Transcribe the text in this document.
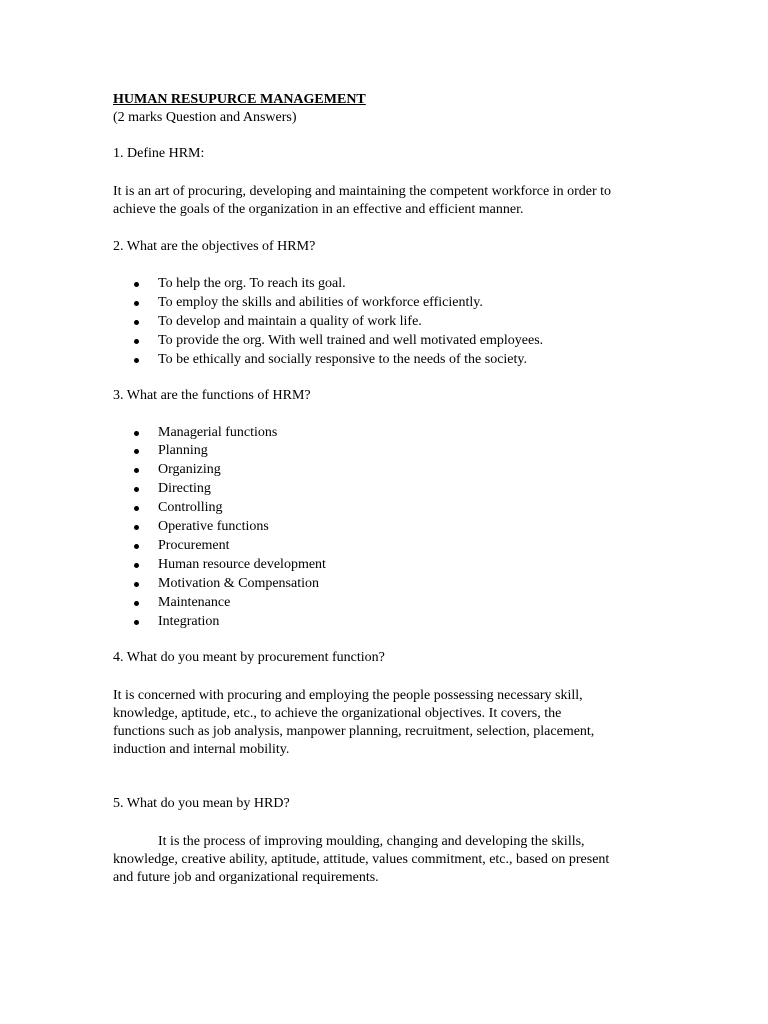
HUMAN RESUPURCE MANAGEMENT

(2 marks Question and Answers)

1. Define HRM:

It is an art of procuring, developing and maintaining the competent workforce in order to

achieve the goals of the organization in an effective and efficient manner.

2. What are the objectives of HRM?

To help the org. To reach its goal.
To employ the skills and abilities of workforce efficiently.
To develop and maintain a quality of work life.
To provide the org. With well trained and well motivated employees.
To be ethically and socially responsive to the needs of the society.

3. What are the functions of HRM?

Managerial functions
Planning
Organizing
Directing
Controlling
Operative functions
Procurement
Human resource development
Motivation & Compensation
Maintenance
Integration

4. What do you meant by procurement function?

It is concerned with procuring and employing the people possessing necessary skill,

knowledge, aptitude, etc., to achieve the organizational objectives. It covers, the

functions such as job analysis, manpower planning, recruitment, selection, placement,

induction and internal mobility.

5. What do you mean by HRD?

It is the process of improving moulding, changing and developing the skills,

knowledge, creative ability, aptitude, attitude, values commitment, etc., based on present

and future job and organizational requirements.
